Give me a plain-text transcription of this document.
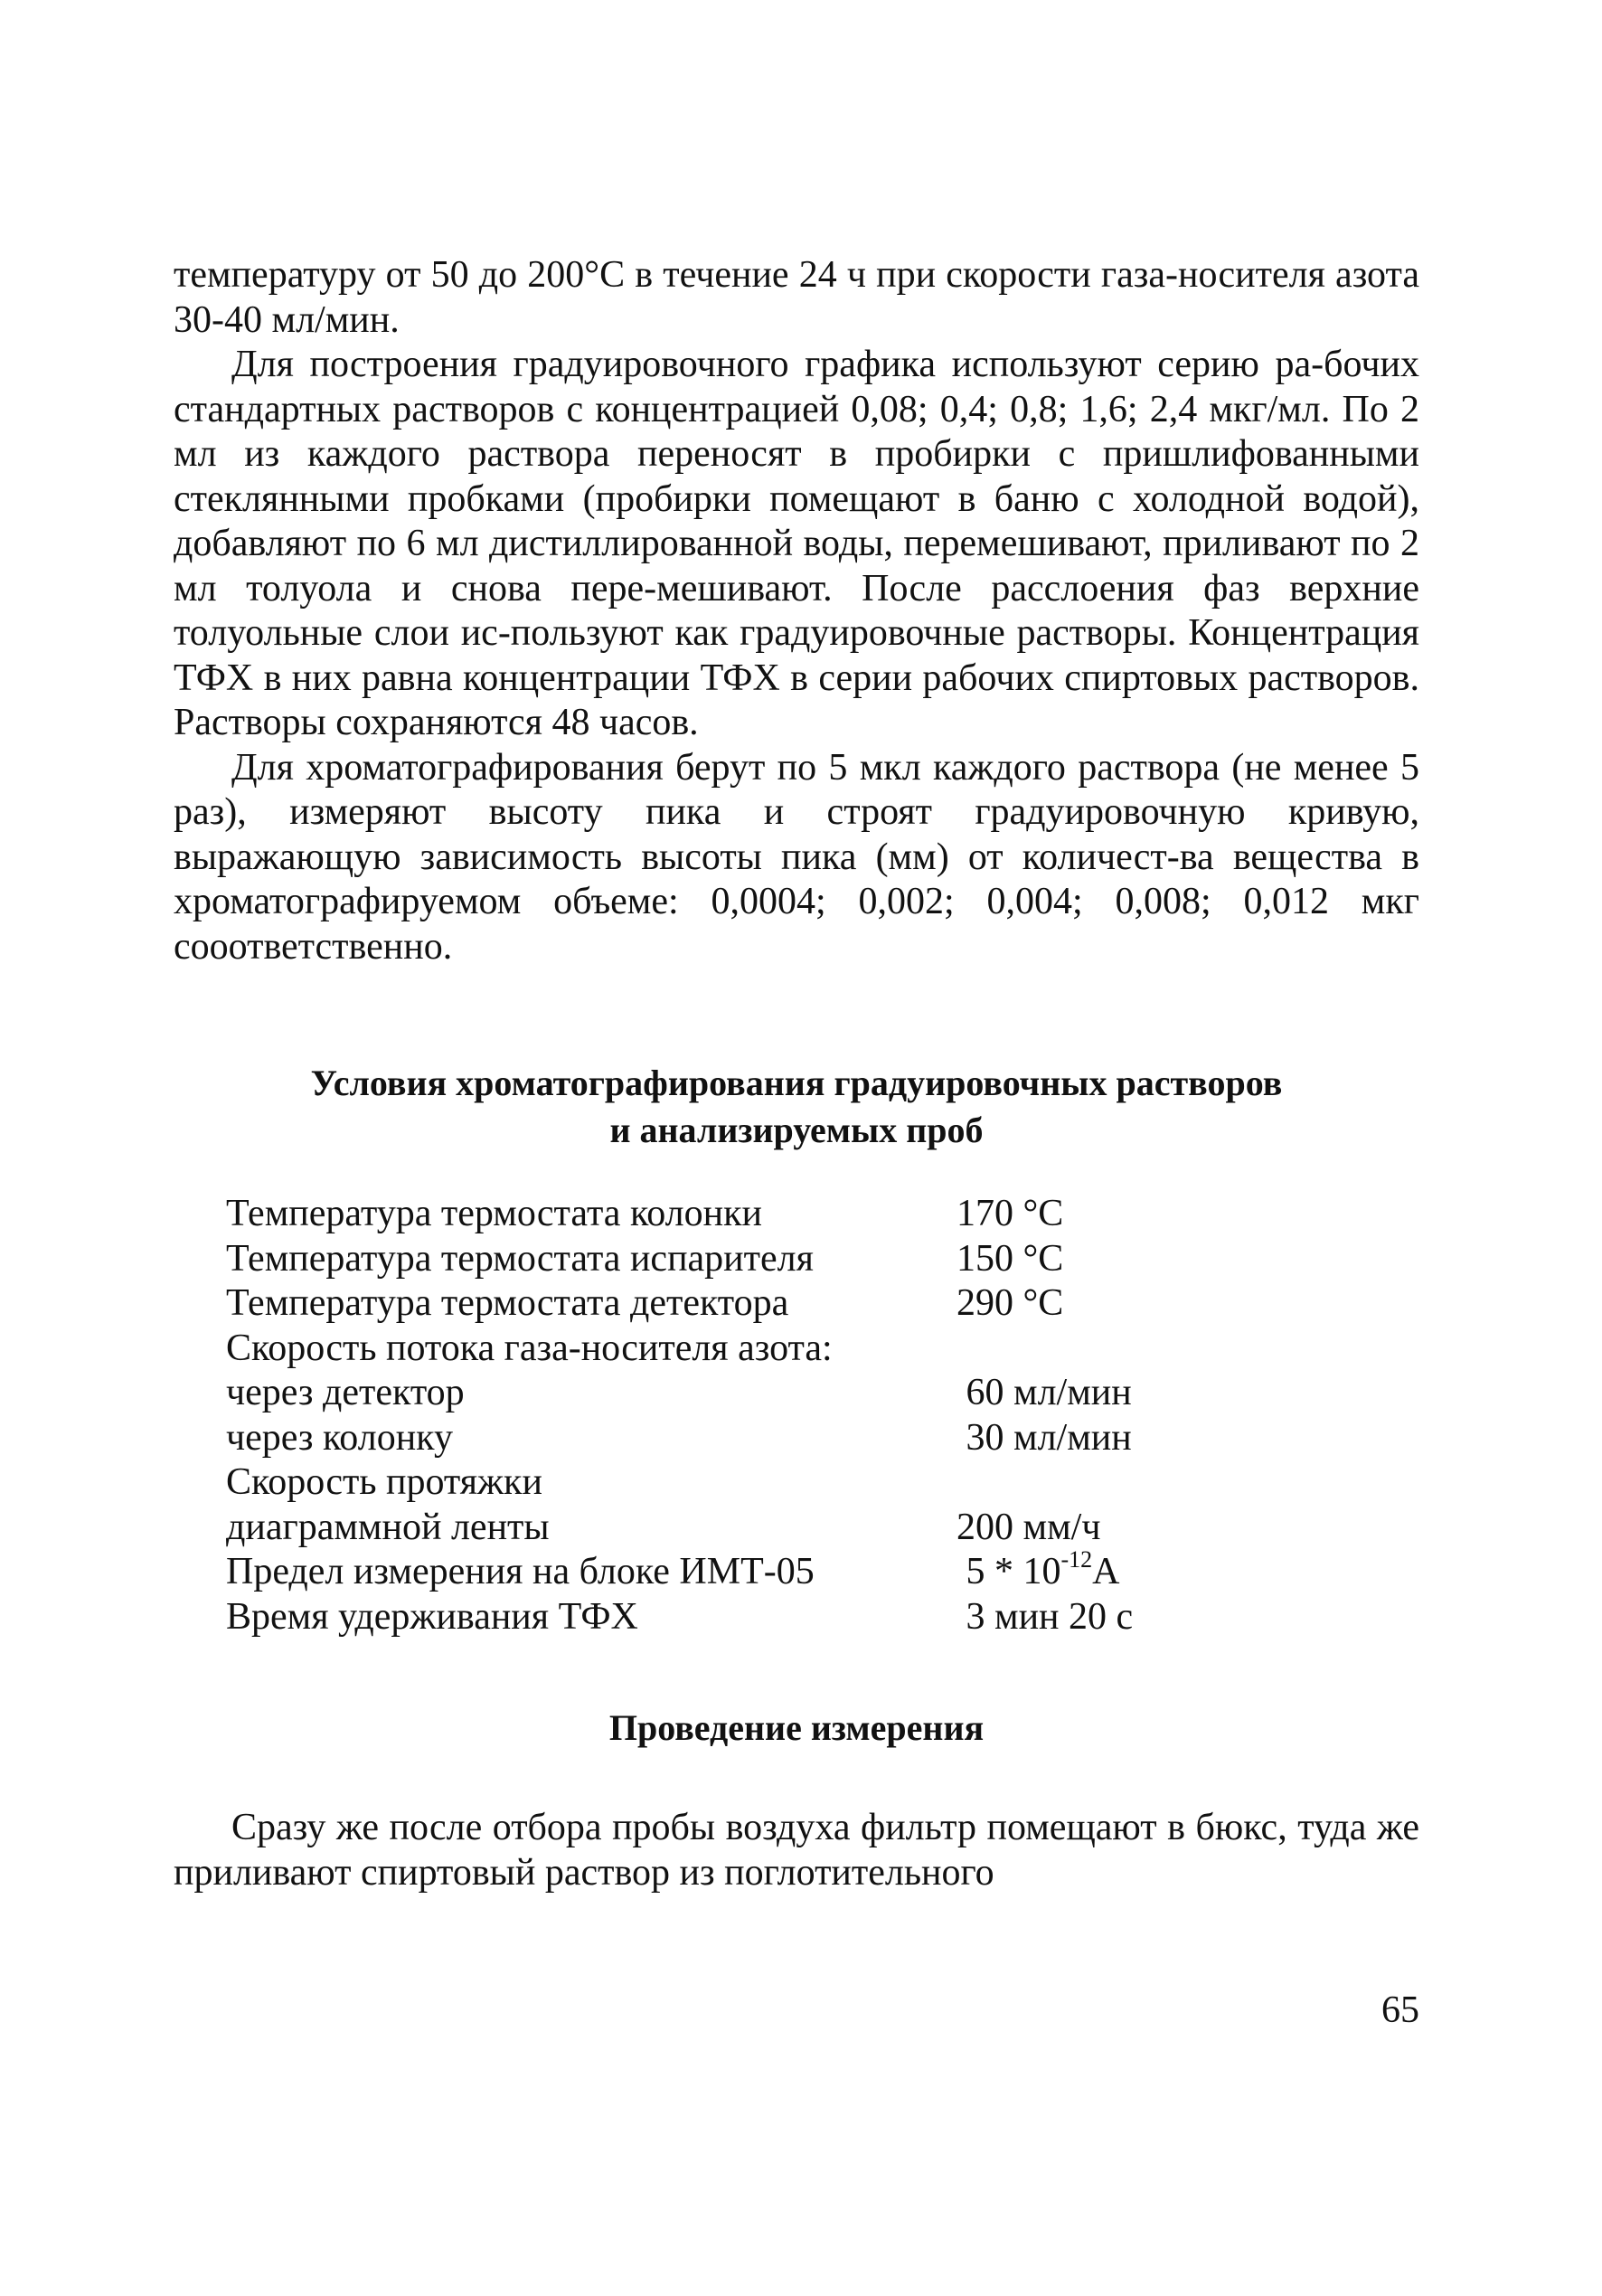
температуру от 50 до 200°С в течение 24 ч при скорости газа-носителя азота 30-40 мл/мин.

Для построения градуировочного графика используют серию ра-бочих стандартных растворов с концентрацией 0,08; 0,4; 0,8; 1,6; 2,4 мкг/мл. По 2 мл из каждого раствора переносят в пробирки с пришлифованными стеклянными пробками (пробирки помещают в баню с холодной водой), добавляют по 6 мл дистиллированной воды, перемешивают, приливают по 2 мл толуола и снова пере-мешивают. После расслоения фаз верхние толуольные слои ис-пользуют как градуировочные растворы. Концентрация ТФХ в них равна концентрации ТФХ в серии рабочих спиртовых растворов. Растворы сохраняются 48 часов.

Для хроматографирования берут по 5 мкл каждого раствора (не менее 5 раз), измеряют высоту пика и строят градуировочную кривую, выражающую зависимость высоты пика (мм) от количест-ва вещества в хроматографируемом объеме: 0,0004; 0,002; 0,004; 0,008; 0,012 мкг сооответственно.

Условия хроматографирования градуировочных растворов
и анализируемых проб
Температура термостата колонки	170 °С
Температура термостата испарителя	150 °С
Температура термостата детектора	290 °С
Скорость потока газа-носителя азота:	
через детектор	60 мл/мин
через колонку	30 мл/мин
Скорость протяжки	
диаграммной ленты	200 мм/ч
Предел измерения на блоке ИМТ-05	$5 * 10^{-12}А$
Время удерживания ТФХ	3 мин 20 с
Проведение измерения

Сразу же после отбора пробы воздуха фильтр помещают в бюкс, туда же приливают спиртовый раствор из поглотительного

65
